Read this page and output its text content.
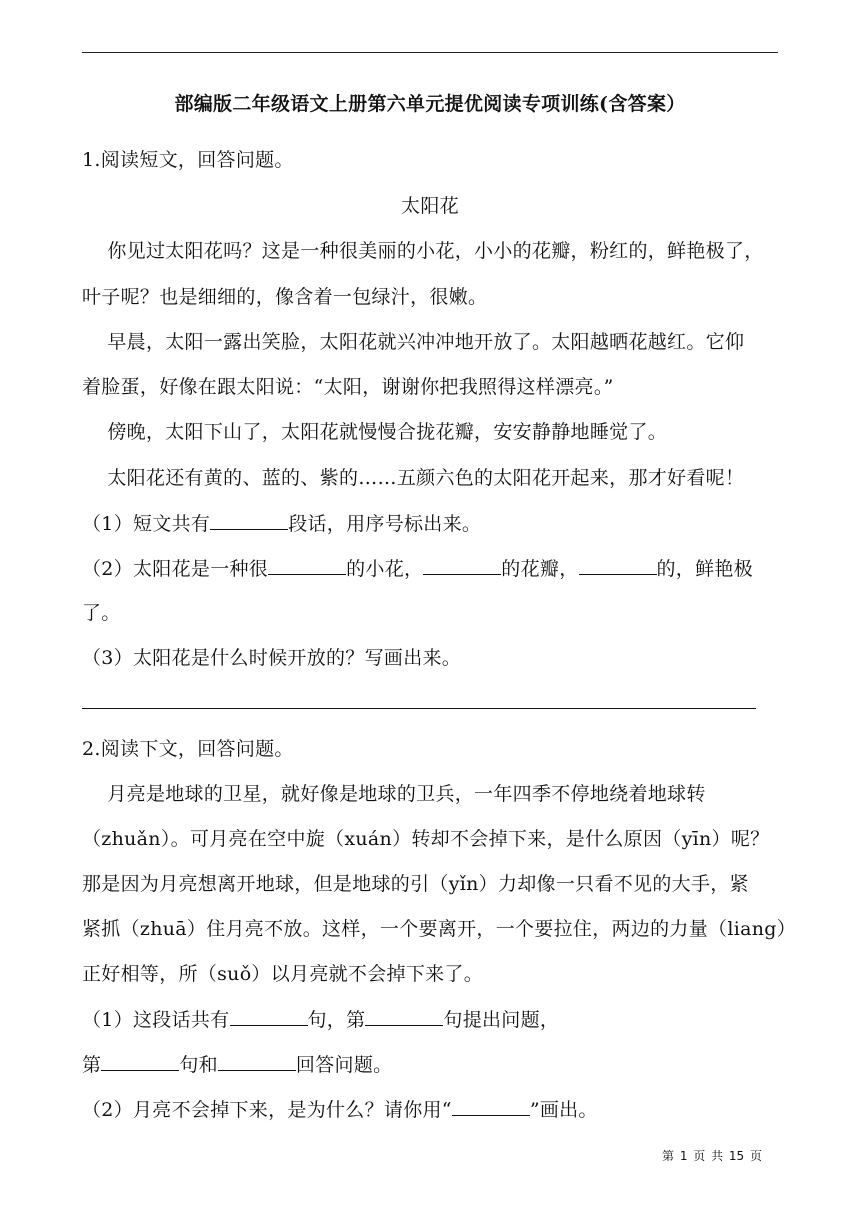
部编版二年级语文上册第六单元提优阅读专项训练(含答案）
1.阅读短文，回答问题。
太阳花
你见过太阳花吗？这是一种很美丽的小花，小小的花瓣，粉红的，鲜艳极了，
叶子呢？也是细细的，像含着一包绿汁，很嫩。
早晨，太阳一露出笑脸，太阳花就兴冲冲地开放了。太阳越晒花越红。它仰
着脸蛋，好像在跟太阳说：“太阳，谢谢你把我照得这样漂亮。”
傍晚，太阳下山了，太阳花就慢慢合拢花瓣，安安静静地睡觉了。
太阳花还有黄的、蓝的、紫的……五颜六色的太阳花开起来，那才好看呢！
（1）短文共有	段话，用序号标出来。
（2）太阳花是一种很	的小花，	的花瓣，	的，鲜艳极
了。
（3）太阳花是什么时候开放的？写画出来。
2.阅读下文，回答问题。
月亮是地球的卫星，就好像是地球的卫兵，一年四季不停地绕着地球转
（zhuǎn）。可月亮在空中旋（xuán）转却不会掉下来，是什么原因（yīn）呢？
那是因为月亮想离开地球，但是地球的引（yǐn）力却像一只看不见的大手，紧
紧抓（zhuā）住月亮不放。这样，一个要离开，一个要拉住，两边的力量（liang）
正好相等，所（suǒ）以月亮就不会掉下来了。
（1）这段话共有	句，第	句提出问题，
第	句和	回答问题。
（2）月亮不会掉下来，是为什么？请你用“	”画出。
第 1 页 共 15 页
